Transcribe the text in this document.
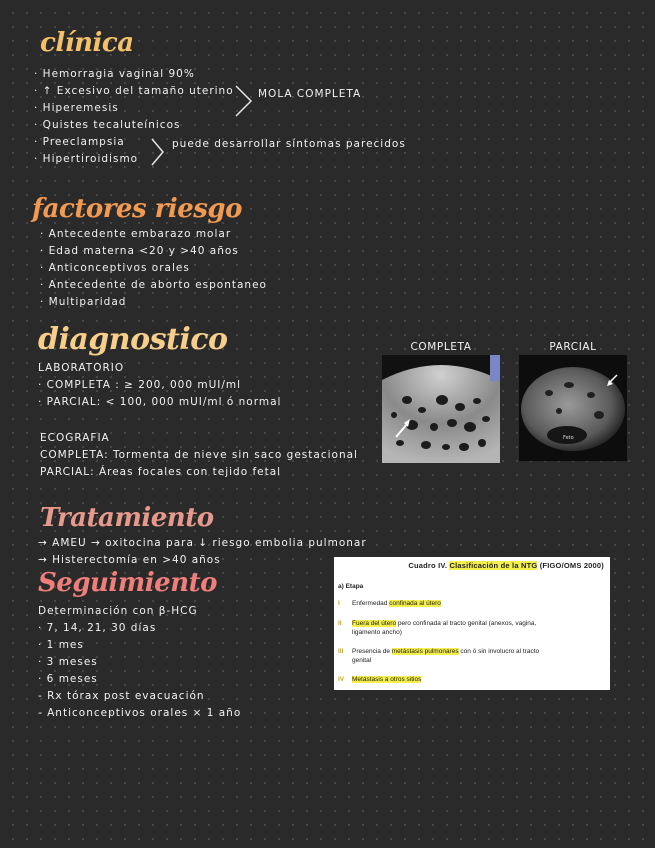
clínica
· Hemorragia vaginal 90%
· ↑ Excesivo del tamaño uterino
· Hiperemesis
· Quistes tecaluteínicos
· Preeclampsia
· Hipertiroidismo
MOLA COMPLETA
puede desarrollar síntomas parecidos
factores riesgo
· Antecedente embarazo molar
· Edad materna <20 y >40 años
· Anticonceptivos orales
· Antecedente de aborto espontaneo
· Multiparidad
diagnostico
LABORATORIO
· COMPLETA : ≥ 200, 000 mUI/ml
· PARCIAL: < 100, 000 mUI/ml ó normal
ECOGRAFIA
COMPLETA: Tormenta de nieve sin saco gestacional
PARCIAL: Áreas focales con tejido fetal
COMPLETA	PARCIAL
Feto
Tratamiento
→ AMEU → oxitocina para ↓ riesgo embolia pulmonar
→ Histerectomía en >40 años
Seguimiento
Determinación con β-HCG
· 7, 14, 21, 30 días
· 1 mes
· 3 meses
· 6 meses
- Rx tórax post evacuación
- Anticonceptivos orales × 1 año
Cuadro IV. Clasificación de la NTG (FIGO/OMS 2000)
a) Etapa
I Enfermedad confinada al útero
II Fuera del útero pero confinada al tracto genital (anexos, vagina, ligamento ancho)
III Presencia de metástasis pulmonares con ó sin involucro al tracto genital
IV Metástasis a otros sitios
